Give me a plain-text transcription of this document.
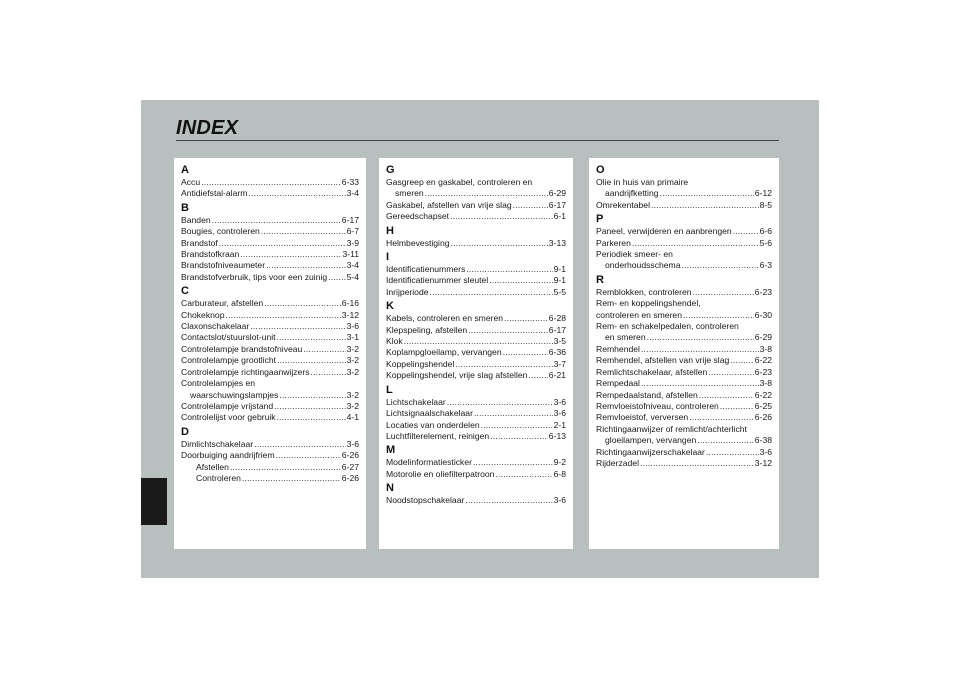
INDEX
A
Accu .....	6-33
Antidiefstal-alarm .....	3-4
B
Banden .....	6-17
Bougies, controleren .....	6-7
Brandstof .....	3-9
Brandstofkraan .....	3-11
Brandstofniveaumeter .....	3-4
Brandstofverbruik, tips voor een zuinig ..... 5-4
C
Carburateur, afstellen .....	6-16
Chokeknop .....	3-12
Claxonschakelaar .....	3-6
Contactslot/stuurslot-unit .....	3-1
Controlelampje brandstofniveau .....	3-2
Controlelampje grootlicht .....	3-2
Controlelampje richtingaanwijzers .....	3-2
Controlelampjes en
waarschuwingslampjes .....	3-2
Controlelampje vrijstand .....	3-2
Controlelijst voor gebruik .....	4-1
D
Dimlichtschakelaar .....	3-6
Doorbuiging aandrijfriem .....	6-26
Afstellen .....	6-27
Controleren .....	6-26
G
Gasgreep en gaskabel, controleren en
smeren .....	6-29
Gaskabel, afstellen van vrije slag .....	6-17
Gereedschapset .....	6-1
H
Helmbevestiging .....	3-13
I
Identificatienummers .....	9-1
Identificatienummer sleutel .....	9-1
Inrijperiode .....	5-5
K
Kabels, controleren en smeren .....	6-28
Klepspeling, afstellen .....	6-17
Klok .....	3-5
Koplampgloeilamp, vervangen .....	6-36
Koppelingshendel .....	3-7
Koppelingshendel, vrije slag afstellen ..... 6-21
L
Lichtschakelaar .....	3-6
Lichtsignaalschakelaar .....	3-6
Locaties van onderdelen .....	2-1
Luchtfilterelement, reinigen .....	6-13
M
Modelinformatiesticker .....	9-2
Motorolie en oliefilterpatroon .....	6-8
N
Noodstopschakelaar .....	3-6
O
Olie in huis van primaire
aandrijfketting .....	6-12
Omrekentabel .....	8-5
P
Paneel, verwijderen en aanbrengen .....	6-6
Parkeren .....	5-6
Periodiek smeer- en
onderhoudsschema .....	6-3
R
Remblokken, controleren .....	6-23
Rem- en koppelingshendel,
controleren en smeren .....	6-30
Rem- en schakelpedalen, controleren
en smeren .....	6-29
Remhendel .....	3-8
Remhendel, afstellen van vrije slag .....	6-22
Remlichtschakelaar, afstellen .....	6-23
Rempedaal .....	3-8
Rempedaalstand, afstellen .....	6-22
Remvloeistofniveau, controleren .....	6-25
Remvloeistof, verversen .....	6-26
Richtingaanwijzer of remlicht/achterlicht
gloeilampen, vervangen .....	6-38
Richtingaanwijzerschakelaar .....	3-6
Rijderzadel .....	3-12
